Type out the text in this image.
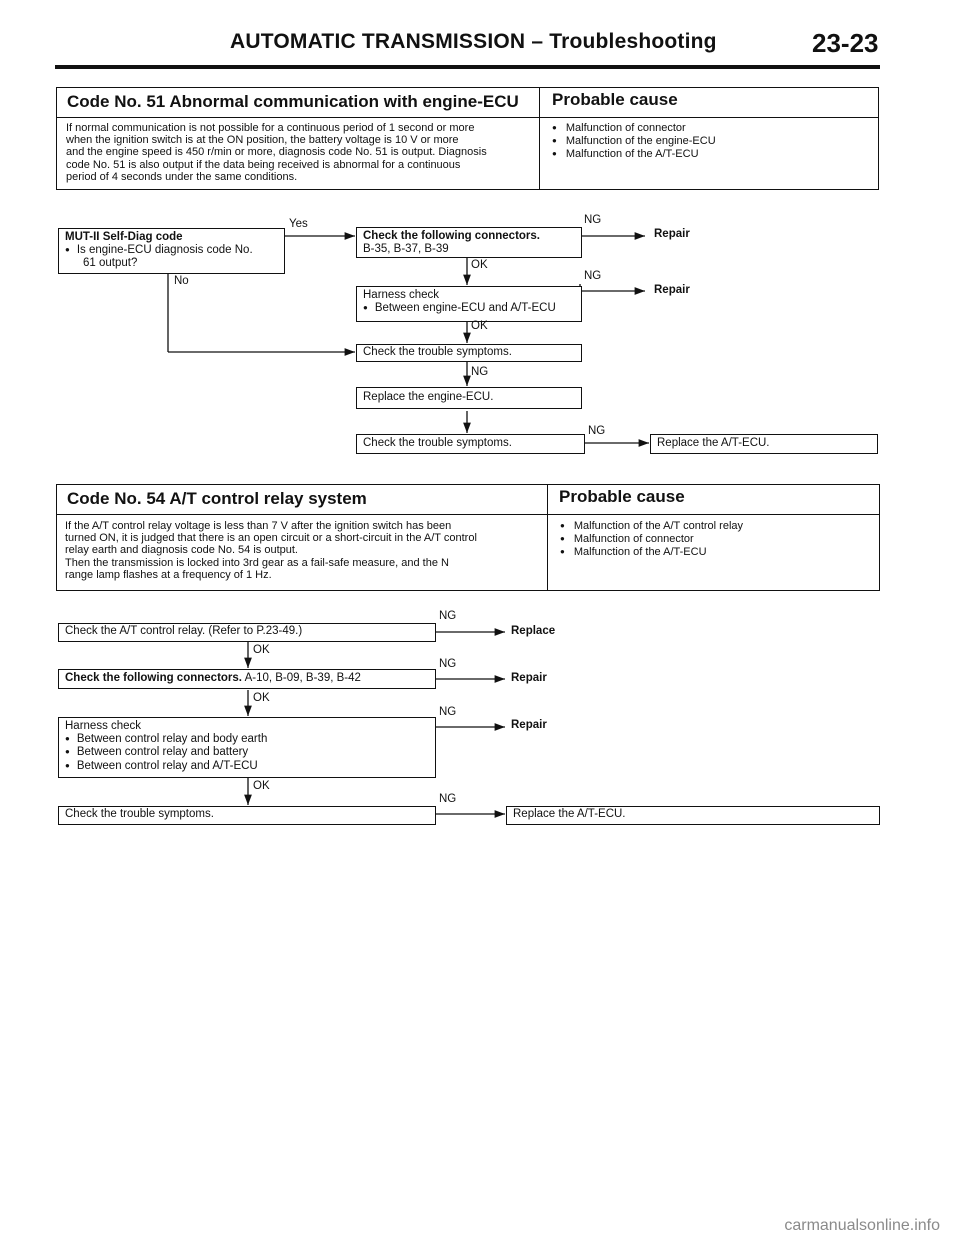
AUTOMATIC TRANSMISSION – Troubleshooting	23-23
Code No. 51 Abnormal communication with engine-ECU Probable cause
If normal communication is not possible for a continuous period of 1 second or more
when the ignition switch is at the ON position, the battery voltage is 10 V or more
and the engine speed is 450 r/min or more, diagnosis code No. 51 is output. Diagnosis
code No. 51 is also output if the data being received is abnormal for a continuous
period of 4 seconds under the same conditions.
● Malfunction of connector
● Malfunction of the engine-ECU
● Malfunction of the A/T-ECU
MUT-II Self-Diag code
● Is engine-ECU diagnosis code No.
61 output?
Yes
No
Check the following connectors.
B-35, B-37, B-39
NG
Repair
OK
Harness check
● Between engine-ECU and A/T-ECU
NG
Repair
OK
Check the trouble symptoms.
NG
Replace the engine-ECU.
Check the trouble symptoms.
NG
Replace the A/T-ECU.
Code No. 54 A/T control relay system	Probable cause
If the A/T control relay voltage is less than 7 V after the ignition switch has been
turned ON, it is judged that there is an open circuit or a short-circuit in the A/T control
relay earth and diagnosis code No. 54 is output.
Then the transmission is locked into 3rd gear as a fail-safe measure, and the N
range lamp flashes at a frequency of 1 Hz.
● Malfunction of the A/T control relay
● Malfunction of connector
● Malfunction of the A/T-ECU
Check the A/T control relay. (Refer to P.23-49.)
NG
Replace
OK
Check the following connectors. A-10, B-09, B-39, B-42
NG
Repair
OK
Harness check
● Between control relay and body earth
● Between control relay and battery
● Between control relay and A/T-ECU
NG
Repair
OK
Check the trouble symptoms.
NG
Replace the A/T-ECU.
carmanualsonline.info
